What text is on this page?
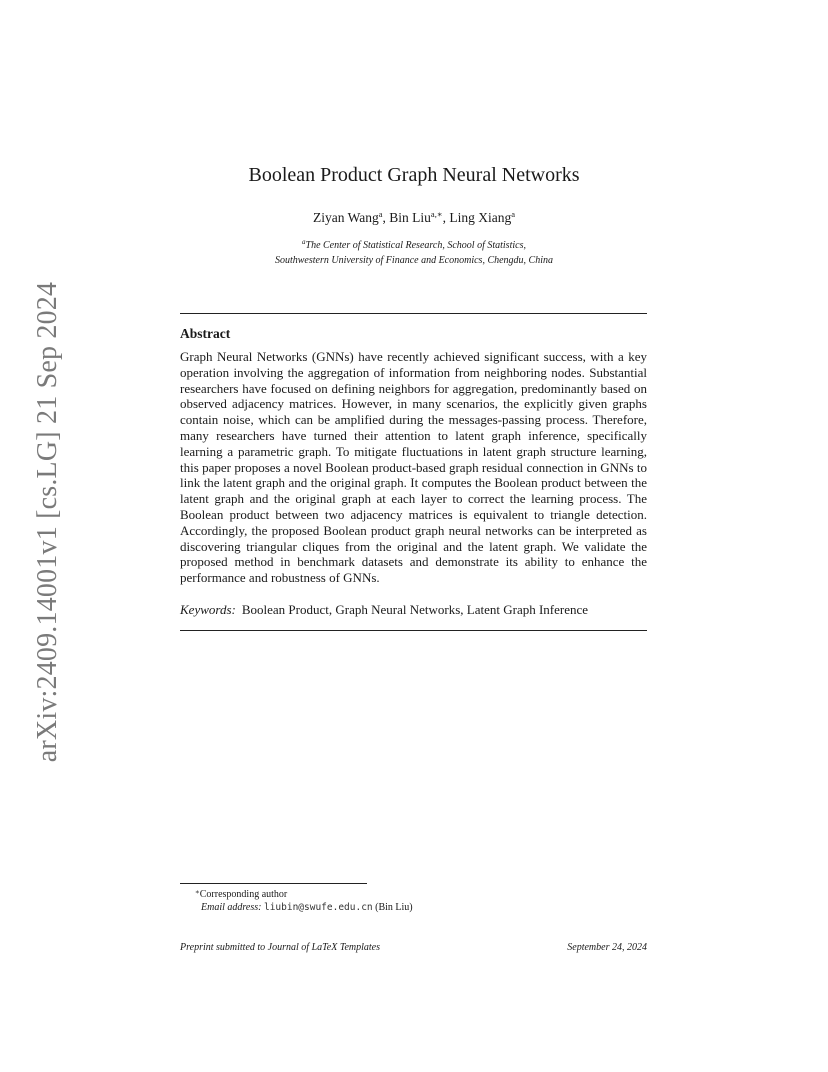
arXiv:2409.14001v1 [cs.LG] 21 Sep 2024
Boolean Product Graph Neural Networks
Ziyan Wang$^a$, Bin Liu$^{a,∗}$, Ling Xiang$^a$
$^a$The Center of Statistical Research, School of Statistics,
Southwestern University of Finance and Economics, Chengdu, China
Abstract
Graph Neural Networks (GNNs) have recently achieved significant success, with a key operation involving the aggregation of information from neighboring nodes. Substantial researchers have focused on defining neighbors for aggregation, predominantly based on observed adjacency matrices. However, in many scenarios, the explicitly given graphs contain noise, which can be amplified during the messages-passing process. Therefore, many researchers have turned their attention to latent graph inference, specifically learning a parametric graph. To mitigate fluctuations in latent graph structure learning, this paper proposes a novel Boolean product-based graph residual connection in GNNs to link the latent graph and the original graph. It computes the Boolean product between the latent graph and the original graph at each layer to correct the learning process. The Boolean product between two adjacency matrices is equivalent to triangle detection. Accordingly, the proposed Boolean product graph neural networks can be interpreted as discovering triangular cliques from the original and the latent graph. We validate the proposed method in benchmark datasets and demonstrate its ability to enhance the performance and robustness of GNNs.
Keywords: Boolean Product, Graph Neural Networks, Latent Graph Inference
∗Corresponding author
Email address: liubin@swufe.edu.cn (Bin Liu)
Preprint submitted to Journal of LaTeX Templates	September 24, 2024
